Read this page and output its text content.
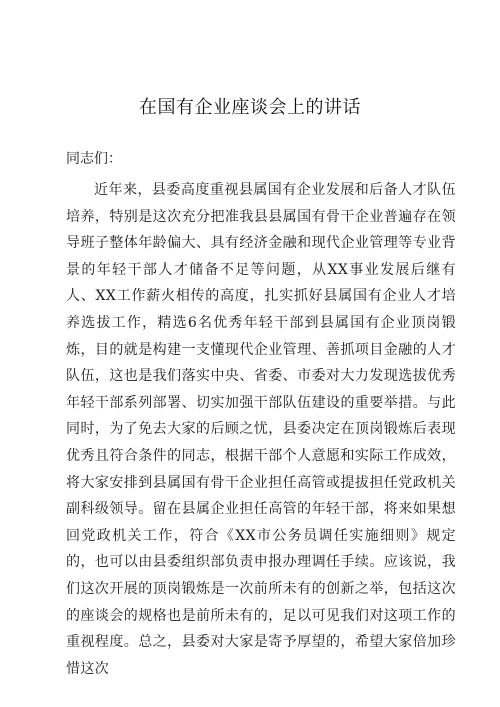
在国有企业座谈会上的讲话

同志们：

近年来，县委高度重视县属国有企业发展和后备人才队伍培养，特别是这次充分把准我县县属国有骨干企业普遍存在领导班子整体年龄偏大、具有经济金融和现代企业管理等专业背景的年轻干部人才储备不足等问题，从XX事业发展后继有人、XX工作薪火相传的高度，扎实抓好县属国有企业人才培养选拔工作，精选6名优秀年轻干部到县属国有企业顶岗锻炼，目的就是构建一支懂现代企业管理、善抓项目金融的人才队伍，这也是我们落实中央、省委、市委对大力发现选拔优秀年轻干部系列部署、切实加强干部队伍建设的重要举措。与此同时，为了免去大家的后顾之忧，县委决定在顶岗锻炼后表现优秀且符合条件的同志，根据干部个人意愿和实际工作成效，将大家安排到县属国有骨干企业担任高管或提拔担任党政机关副科级领导。留在县属企业担任高管的年轻干部，将来如果想回党政机关工作，符合《XX市公务员调任实施细则》规定的，也可以由县委组织部负责申报办理调任手续。应该说，我们这次开展的顶岗锻炼是一次前所未有的创新之举，包括这次的座谈会的规格也是前所未有的，足以可见我们对这项工作的重视程度。总之，县委对大家是寄予厚望的，希望大家倍加珍惜这次
